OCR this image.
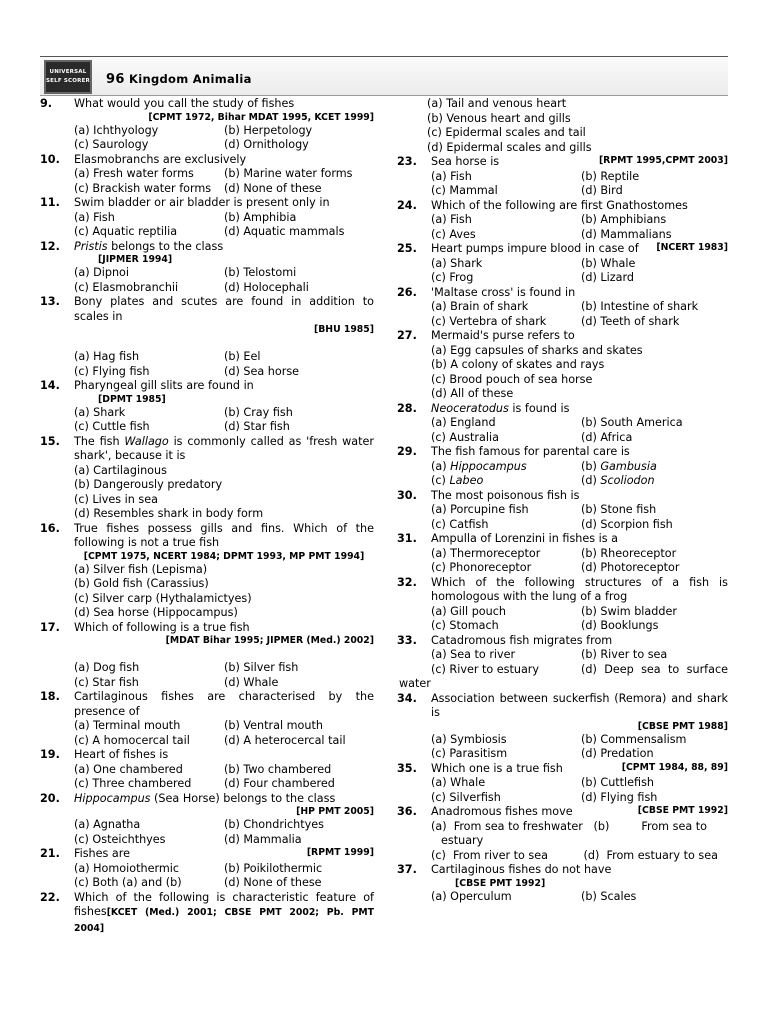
UNIVERSAL
SELF SCORER 96 Kingdom Animalia
9.	What would you call the study of fishes
[CPMT 1972, Bihar MDAT 1995, KCET 1999]
(a) Ichthyology	(b) Herpetology
(c) Saurology	(d) Ornithology
10.	Elasmobranchs are exclusively
(a) Fresh water forms	(b) Marine water forms
(c) Brackish water forms	(d) None of these
11.	Swim bladder or air bladder is present only in
(a) Fish	(b) Amphibia
(c) Aquatic reptilia	(d) Aquatic mammals
12.	Pristis belongs to the class
[JIPMER 1994]
(a) Dipnoi	(b) Telostomi
(c) Elasmobranchii	(d) Holocephali
13.	Bony plates and scutes are found in addition to scales in
[BHU 1985]
(a) Hag fish	(b) Eel
(c) Flying fish	(d) Sea horse
14.	Pharyngeal gill slits are found in
[DPMT 1985]
(a) Shark	(b) Cray fish
(c) Cuttle fish	(d) Star fish
15.	The fish Wallago is commonly called as 'fresh water shark', because it is
(a) Cartilaginous
(b) Dangerously predatory
(c) Lives in sea
(d) Resembles shark in body form
16.	True fishes possess gills and fins. Which of the following is not a true fish
[CPMT 1975, NCERT 1984; DPMT 1993, MP PMT 1994]
(a) Silver fish (Lepisma)
(b) Gold fish (Carassius)
(c) Silver carp (Hythalamictyes)
(d) Sea horse (Hippocampus)
17.	Which of following is a true fish
[MDAT Bihar 1995; JIPMER (Med.) 2002]
(a) Dog fish	(b) Silver fish
(c) Star fish	(d) Whale
18.	Cartilaginous fishes are characterised by the presence of
(a) Terminal mouth	(b) Ventral mouth
(c) A homocercal tail	(d) A heterocercal tail
19.	Heart of fishes is
(a) One chambered	(b) Two chambered
(c) Three chambered	(d) Four chambered
20.	Hippocampus (Sea Horse) belongs to the class
[HP PMT 2005]
(a) Agnatha	(b) Chondrichtyes
(c) Osteichthyes	(d) Mammalia
21.	Fishes are	[RPMT 1999]
(a) Homoiothermic	(b) Poikilothermic
(c) Both (a) and (b)	(d) None of these
22.	Which of the following is characteristic feature of fishes[KCET (Med.) 2001; CBSE PMT 2002; Pb. PMT 2004]
(a) Tail and venous heart
(b) Venous heart and gills
(c) Epidermal scales and tail
(d) Epidermal scales and gills
23.	Sea horse is	[RPMT 1995,CPMT 2003]
(a) Fish	(b) Reptile
(c) Mammal	(d) Bird
24.	Which of the following are first Gnathostomes
(a) Fish	(b) Amphibians
(c) Aves	(d) Mammalians
25.	Heart pumps impure blood in case of [NCERT 1983]
(a) Shark	(b) Whale
(c) Frog	(d) Lizard
26.	'Maltase cross' is found in
(a) Brain of shark	(b) Intestine of shark
(c) Vertebra of shark	(d) Teeth of shark
27.	Mermaid's purse refers to
(a) Egg capsules of sharks and skates
(b) A colony of skates and rays
(c) Brood pouch of sea horse
(d) All of these
28.	Neoceratodus is found is
(a) England	(b) South America
(c) Australia	(d) Africa
29.	The fish famous for parental care is
(a) Hippocampus	(b) Gambusia
(c) Labeo	(d) Scoliodon
30.	The most poisonous fish is
(a) Porcupine fish	(b) Stone fish
(c) Catfish	(d) Scorpion fish
31.	Ampulla of Lorenzini in fishes is a
(a) Thermoreceptor	(b) Rheoreceptor
(c) Phonoreceptor	(d) Photoreceptor
32.	Which of the following structures of a fish is homologous with the lung of a frog
(a) Gill pouch	(b) Swim bladder
(c) Stomach	(d) Booklungs
33.	Catadromous fish migrates from
(a) Sea to river	(b) River to sea
(c) River to estuary	(d) Deep sea to surface
water
34.	Association between suckerfish (Remora) and shark is
[CBSE PMT 1988]
(a) Symbiosis	(b) Commensalism
(c) Parasitism	(d) Predation
35.	Which one is a true fish	[CPMT 1984, 88, 89]
(a) Whale	(b) Cuttlefish
(c) Silverfish	(d) Flying fish
36.	Anadromous fishes move	[CBSE PMT 1992]
(a)  From sea to freshwater   (b)         From sea to
estuary
(c)  From river to sea          (d)  From estuary to sea
37.	Cartilaginous fishes do not have
[CBSE PMT 1992]
(a) Operculum	(b) Scales
